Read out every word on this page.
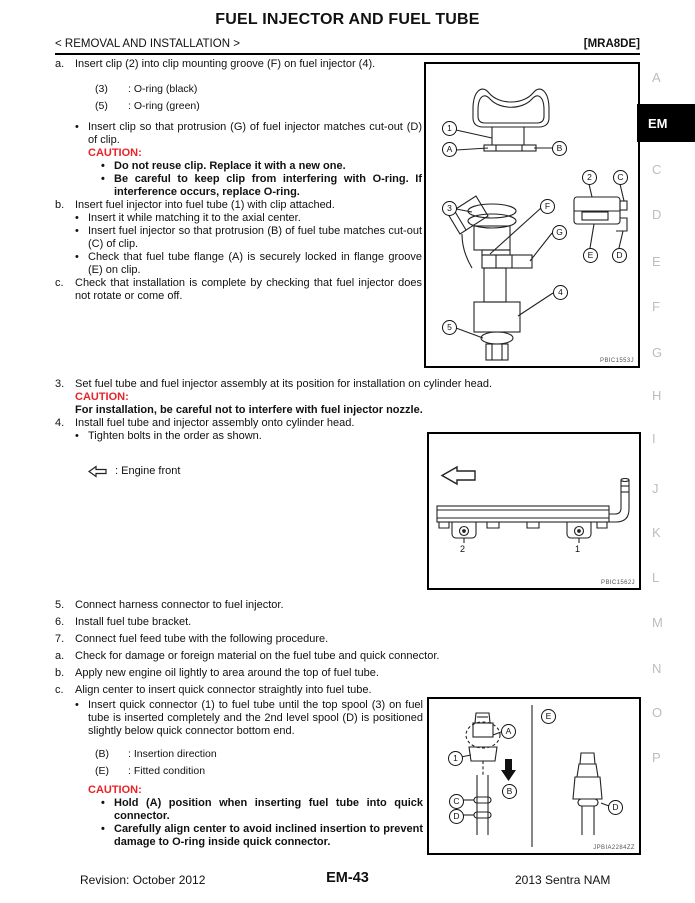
FUEL INJECTOR AND FUEL TUBE
< REMOVAL AND INSTALLATION >	[MRA8DE]
a. Insert clip (2) into clip mounting groove (F) on fuel injector (4).
(3)	: O-ring (black)
(5)	: O-ring (green)
• Insert clip so that protrusion (G) of fuel injector matches cut-out (D) of clip.
CAUTION:
• Do not reuse clip. Replace it with a new one.
• Be careful to keep clip from interfering with O-ring. If interference occurs, replace O-ring.
b. Insert fuel injector into fuel tube (1) with clip attached.
• Insert it while matching it to the axial center.
• Insert fuel injector so that protrusion (B) of fuel tube matches cut-out (C) of clip.
• Check that fuel tube flange (A) is securely locked in flange groove (E) on clip.
c.	Check that installation is complete by checking that fuel injector does not rotate or come off.
1
A	B
3	F
G
4
5
2	C
E	D
PBIC1553J
3. Set fuel tube and fuel injector assembly at its position for installation on cylinder head.
CAUTION:
For installation, be careful not to interfere with fuel injector nozzle.
4. Install fuel tube and injector assembly onto cylinder head.
• Tighten bolts in the order as shown.
: Engine front
2	1
PBIC1562J
5. Connect harness connector to fuel injector.
6. Install fuel tube bracket.
7. Connect fuel feed tube with the following procedure.
a. Check for damage or foreign material on the fuel tube and quick connector.
b. Apply new engine oil lightly to area around the top of fuel tube.
c.	Align center to insert quick connector straightly into fuel tube.
• Insert quick connector (1) to fuel tube until the top spool (3) on fuel tube is inserted completely and the 2nd level spool (D) is positioned slightly below quick connector bottom end.
(B)	: Insertion direction
(E)	: Fitted condition
CAUTION:
• Hold (A) position when inserting fuel tube into quick connector.
• Carefully align center to avoid inclined insertion to prevent damage to O-ring inside quick connector.
1
A
B
C
D
E
D
JPBIA2284ZZ
EM
A
C
D
E
F
G
H
I
J
K
L
M
N
O
P
Revision: October 2012	EM-43	2013 Sentra NAM
